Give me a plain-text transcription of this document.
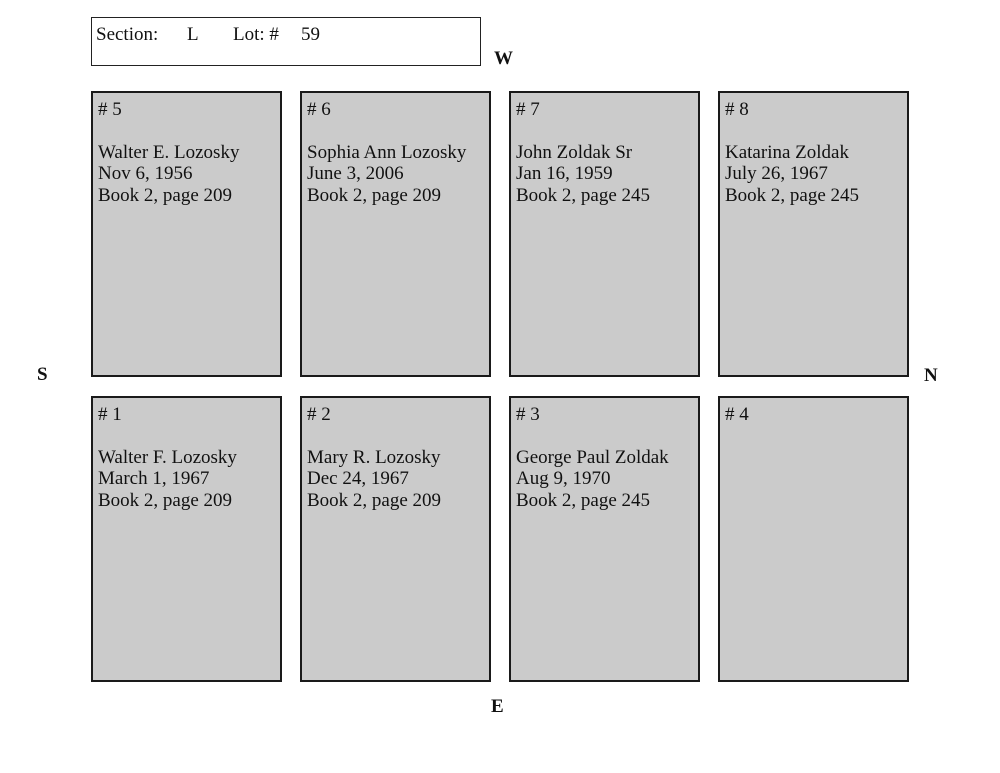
Section: L Lot: # 59
W
E
S	N
# 5
Walter E. Lozosky
Nov 6, 1956
Book 2, page 209
# 6
Sophia Ann Lozosky
June 3, 2006
Book 2, page 209
# 7
John Zoldak Sr
Jan 16, 1959
Book 2, page 245
# 8
Katarina Zoldak
July 26, 1967
Book 2, page 245
# 1
Walter F. Lozosky
March 1, 1967
Book 2, page 209
# 2
Mary R. Lozosky
Dec 24, 1967
Book 2, page 209
# 3
George Paul Zoldak
Aug 9, 1970
Book 2, page 245
# 4
